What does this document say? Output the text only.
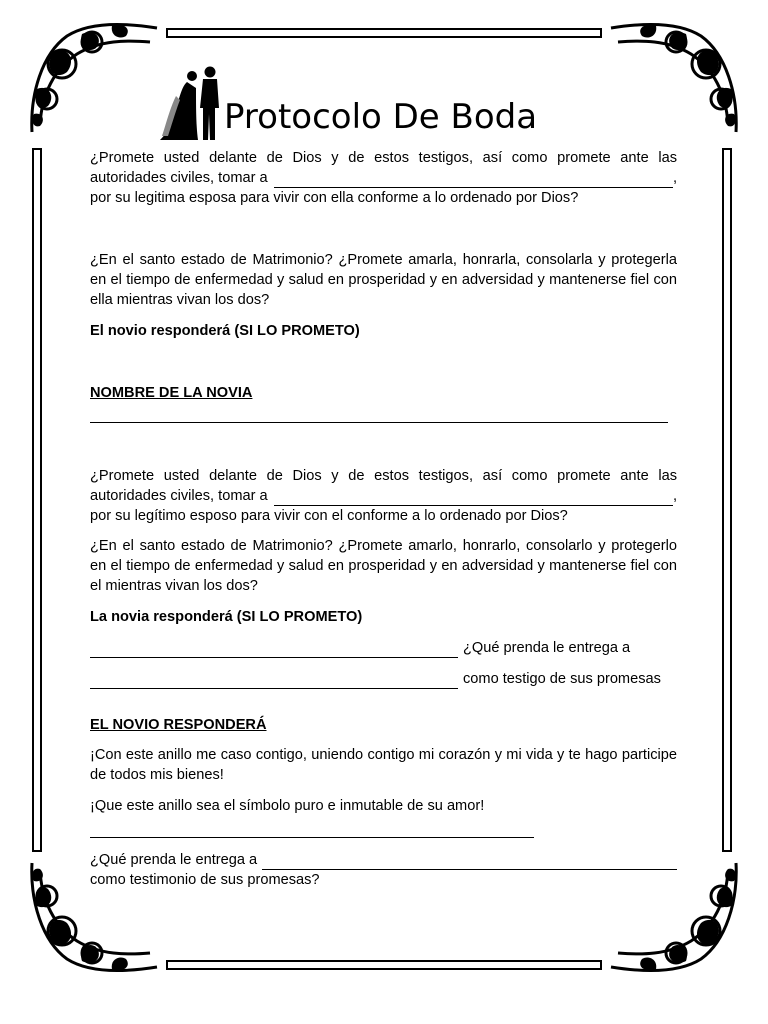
Protocolo De Boda

¿Promete usted delante de Dios y de estos testigos, así como promete ante las

autoridades civiles, tomar a	,

por su legitima esposa para vivir con ella conforme a lo ordenado por Dios?

¿En el santo estado de Matrimonio? ¿Promete amarla, honrarla, consolarla y protegerla en el tiempo de enfermedad y salud en prosperidad y en adversidad y mantenerse fiel con ella mientras vivan los dos?

El novio responderá (SI LO PROMETO)

NOMBRE DE LA NOVIA

¿Promete usted delante de Dios y de estos testigos, así como promete ante las

autoridades civiles, tomar a	,

por su legítimo esposo para vivir con el conforme a lo ordenado por Dios?

¿En el santo estado de Matrimonio? ¿Promete amarlo, honrarlo, consolarlo y protegerlo en el tiempo de enfermedad y salud en prosperidad y en adversidad y mantenerse fiel con el mientras vivan los dos?

La novia responderá (SI LO PROMETO)

¿Qué prenda le entrega a
como testigo de sus promesas

EL NOVIO RESPONDERÁ

¡Con este anillo me caso contigo, uniendo contigo mi corazón y mi vida y te hago participe de todos mis bienes!

¡Que este anillo sea el símbolo puro e inmutable de su amor!

¿Qué prenda le entrega a

como testimonio de sus promesas?
